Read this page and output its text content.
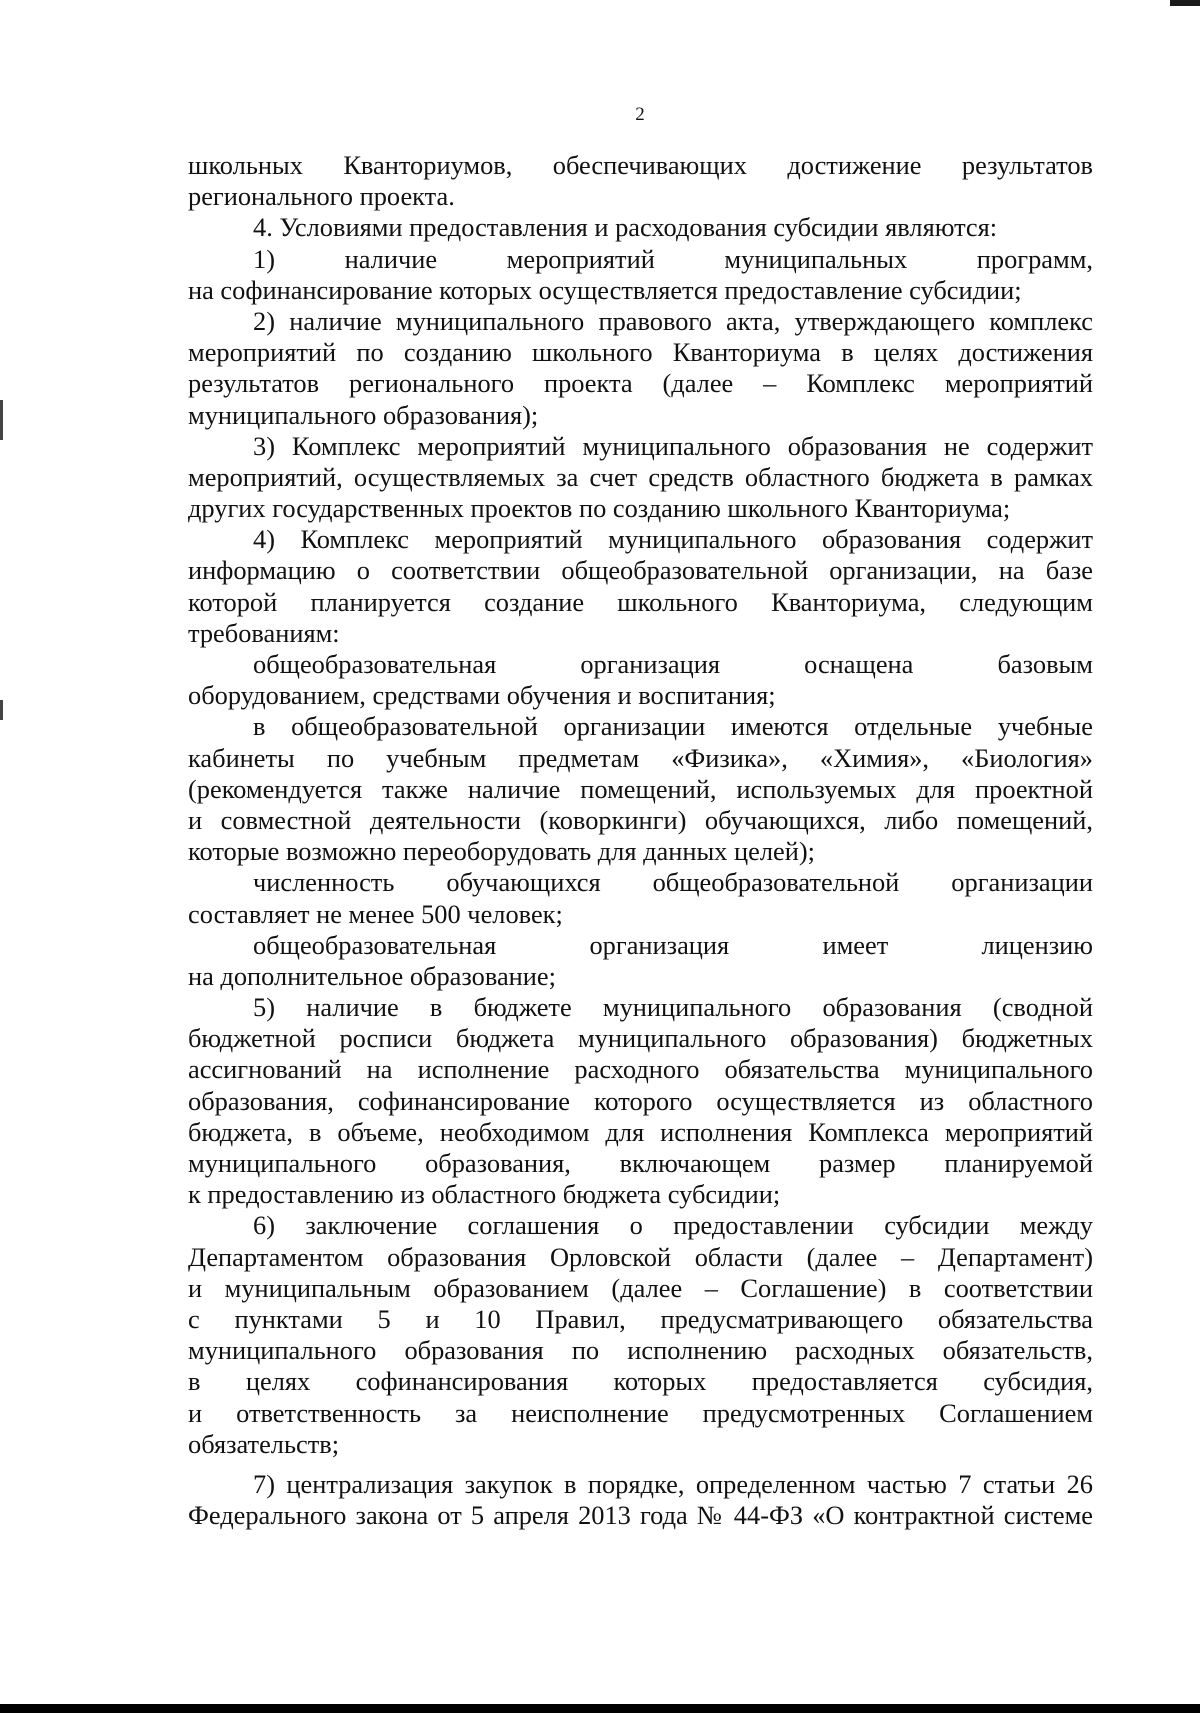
2
школьных Кванториумов, обеспечивающих достижение результатов
регионального проекта.
4. Условиями предоставления и расходования субсидии являются:
1) наличие мероприятий муниципальных программ,
на софинансирование которых осуществляется предоставление субсидии;
2) наличие муниципального правового акта, утверждающего комплекс
мероприятий по созданию школьного Кванториума в целях достижения
результатов регионального проекта (далее – Комплекс мероприятий
муниципального образования);
3) Комплекс мероприятий муниципального образования не содержит
мероприятий, осуществляемых за счет средств областного бюджета в рамках
других государственных проектов по созданию школьного Кванториума;
4) Комплекс мероприятий муниципального образования содержит
информацию о соответствии общеобразовательной организации, на базе
которой планируется создание школьного Кванториума, следующим
требованиям:
общеобразовательная организация оснащена базовым
оборудованием, средствами обучения и воспитания;
в общеобразовательной организации имеются отдельные учебные
кабинеты по учебным предметам «Физика», «Химия», «Биология»
(рекомендуется также наличие помещений, используемых для проектной
и совместной деятельности (коворкинги) обучающихся, либо помещений,
которые возможно переоборудовать для данных целей);
численность обучающихся общеобразовательной организации
составляет не менее 500 человек;
общеобразовательная организация имеет лицензию
на дополнительное образование;
5) наличие в бюджете муниципального образования (сводной
бюджетной росписи бюджета муниципального образования) бюджетных
ассигнований на исполнение расходного обязательства муниципального
образования, софинансирование которого осуществляется из областного
бюджета, в объеме, необходимом для исполнения Комплекса мероприятий
муниципального образования, включающем размер планируемой
к предоставлению из областного бюджета субсидии;
6) заключение соглашения о предоставлении субсидии между
Департаментом образования Орловской области (далее – Департамент)
и муниципальным образованием (далее – Соглашение) в соответствии
с пунктами 5 и 10 Правил, предусматривающего обязательства
муниципального образования по исполнению расходных обязательств,
в целях софинансирования которых предоставляется субсидия,
и ответственность за неисполнение предусмотренных Соглашением
обязательств;
7) централизация закупок в порядке, определенном частью 7 статьи 26
Федерального закона от 5 апреля 2013 года № 44-ФЗ «О контрактной системе
